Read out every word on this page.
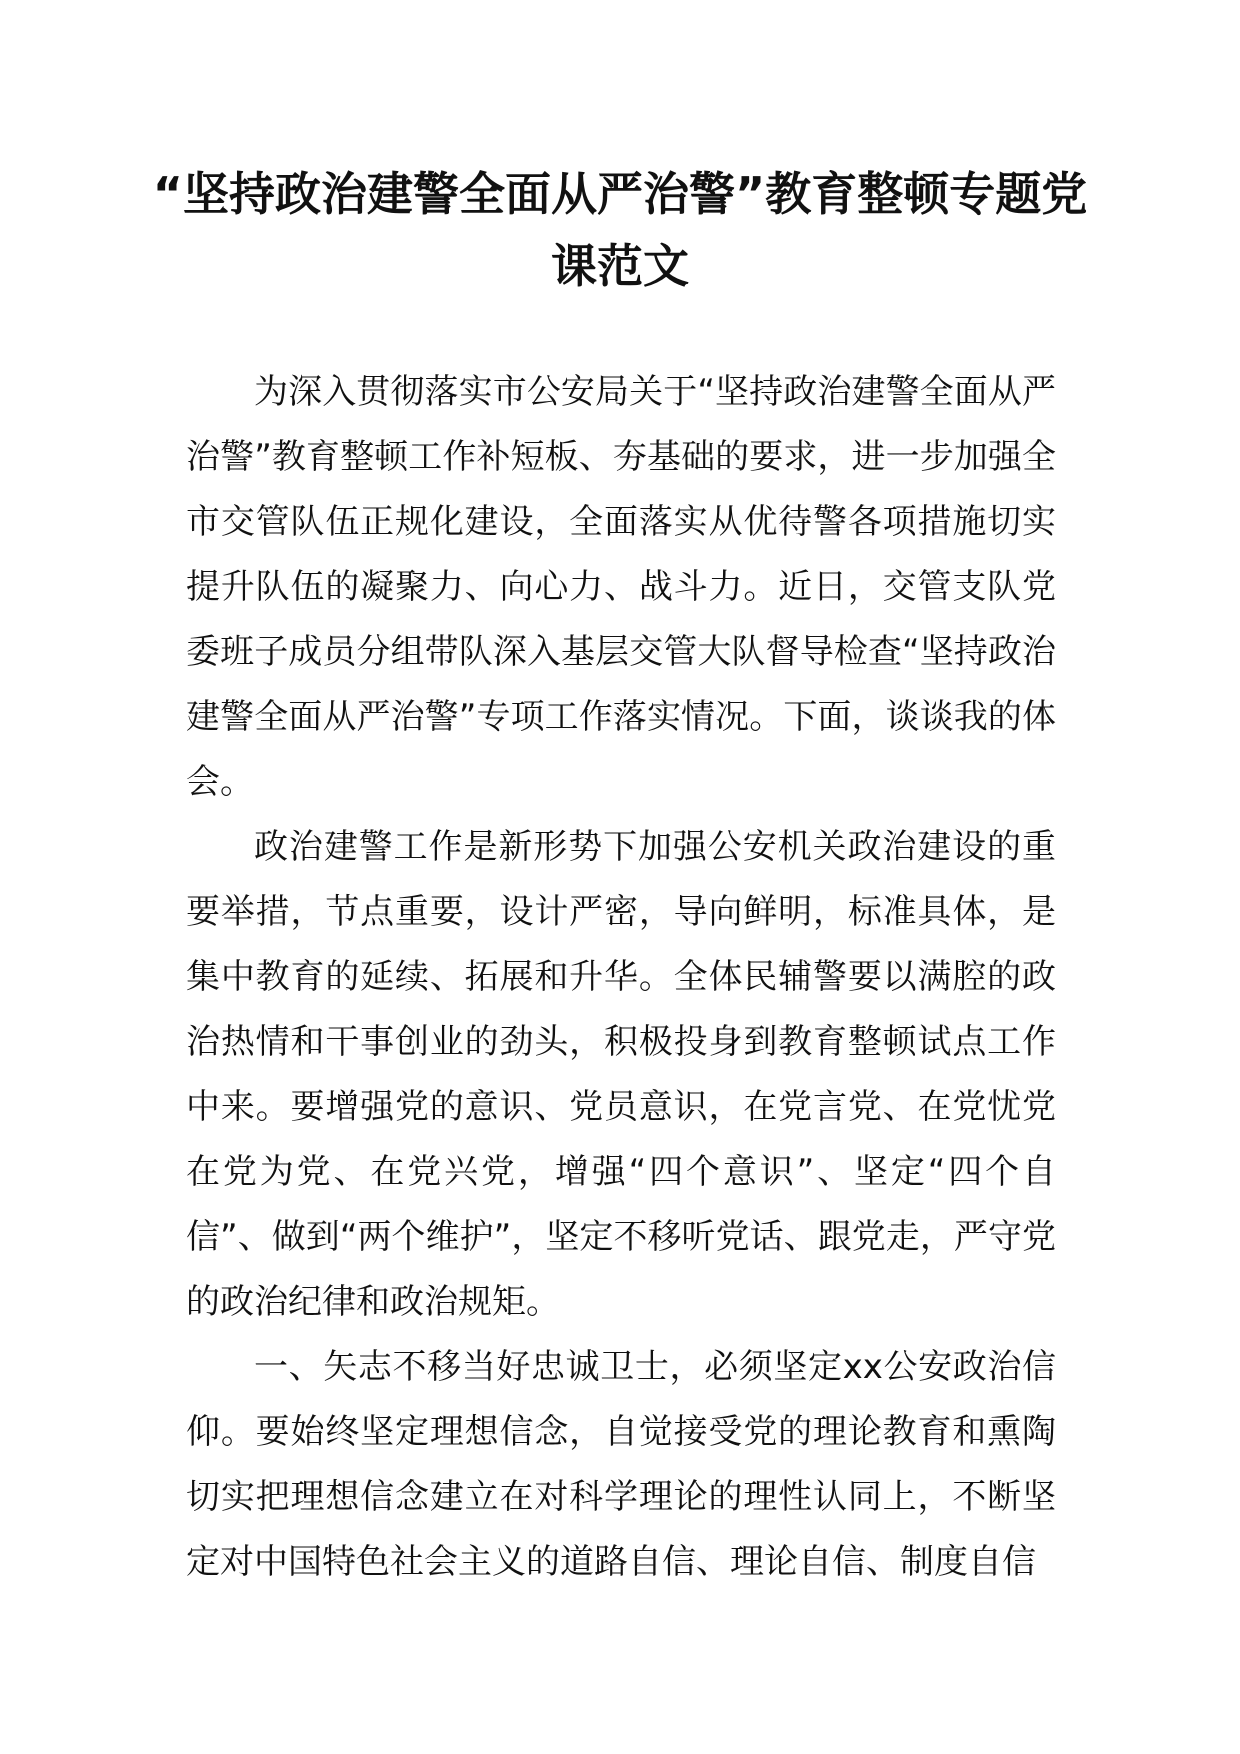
“坚持政治建警全面从严治警”教育整顿专题党课范文

为深入贯彻落实市公安局关于“坚持政治建警全面从严治警”教育整顿工作补短板、夯基础的要求，进一步加强全市交管队伍正规化建设，全面落实从优待警各项措施切实提升队伍的凝聚力、向心力、战斗力。近日，交管支队党委班子成员分组带队深入基层交管大队督导检查“坚持政治建警全面从严治警”专项工作落实情况。下面，谈谈我的体会。

政治建警工作是新形势下加强公安机关政治建设的重要举措，节点重要，设计严密，导向鲜明，标准具体，是集中教育的延续、拓展和升华。全体民辅警要以满腔的政治热情和干事创业的劲头，积极投身到教育整顿试点工作中来。要增强党的意识、党员意识，在党言党、在党忧党在党为党、在党兴党，增强“四个意识”、坚定“四个自信”、做到“两个维护”，坚定不移听党话、跟党走，严守党的政治纪律和政治规矩。

一、矢志不移当好忠诚卫士，必须坚定xx公安政治信仰。要始终坚定理想信念，自觉接受党的理论教育和熏陶切实把理想信念建立在对科学理论的理性认同上，不断坚定对中国特色社会主义的道路自信、理论自信、制度自信
